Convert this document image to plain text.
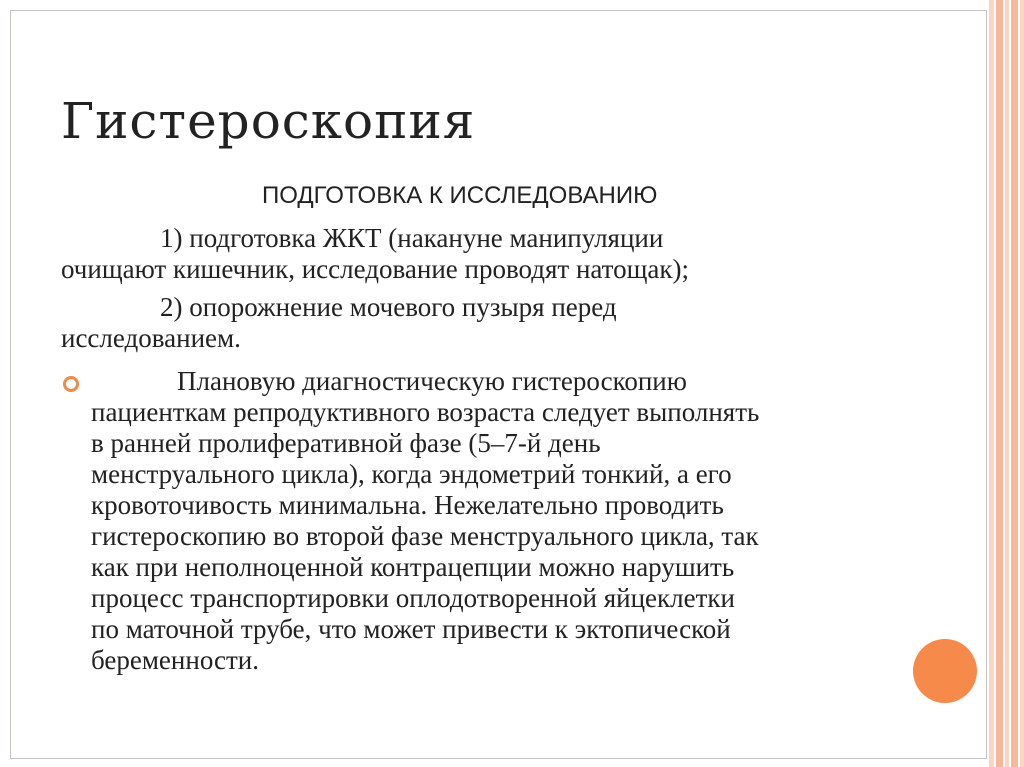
Гистероскопия
ПОДГОТОВКА К ИССЛЕДОВАНИЮ
1) подготовка ЖКТ (накануне манипуляции
очищают кишечник, исследование проводят натощак);
2) опорожнение мочевого пузыря перед
исследованием.
Плановую диагностическую гистероскопию
пациенткам репродуктивного возраста следует выполнять
в ранней пролиферативной фазе (5–7-й день
менструального цикла), когда эндометрий тонкий, а его
кровоточивость минимальна. Нежелательно проводить
гистероскопию во второй фазе менструального цикла, так
как при неполноценной контрацепции можно нарушить
процесс транспортировки оплодотворенной яйцеклетки
по маточной трубе, что может привести к эктопической
беременности.
